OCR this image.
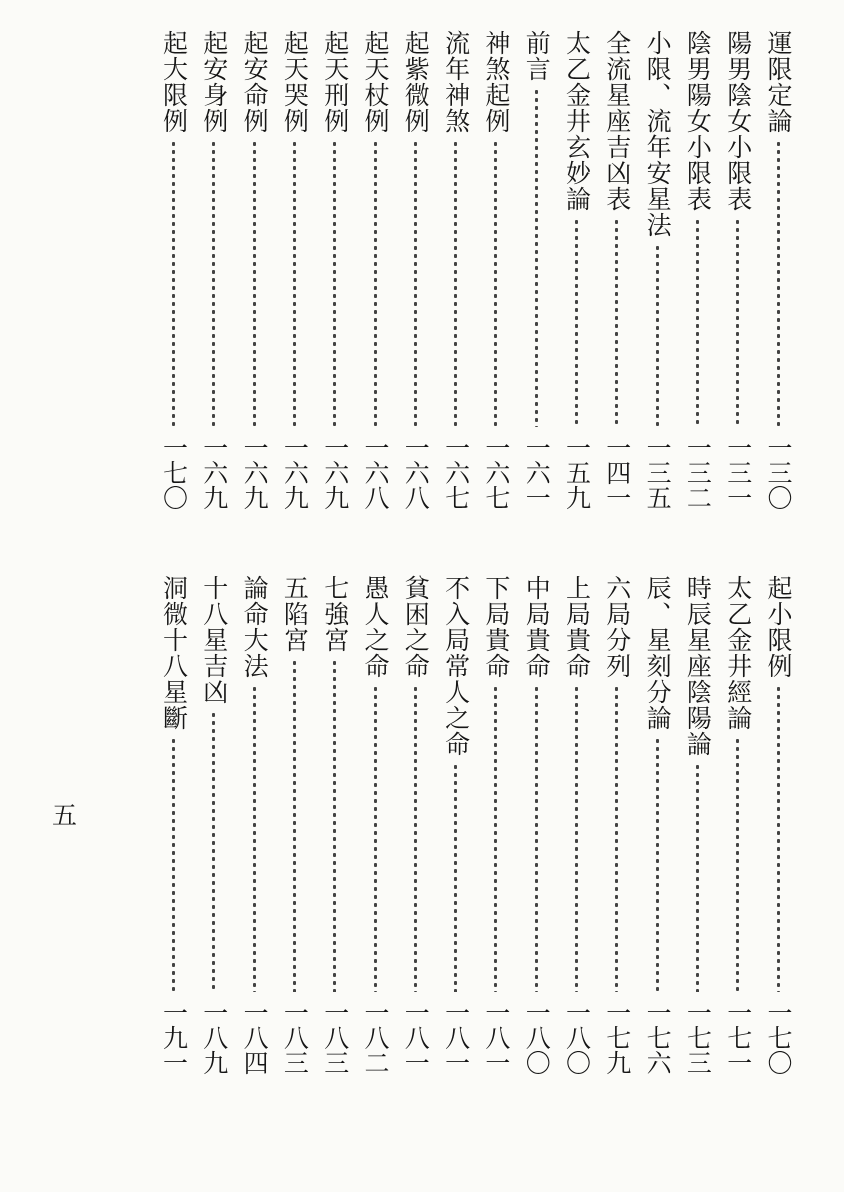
運限定論
一三〇
陽男陰女小限表
一三一
陰男陽女小限表
一三二
小限、流年安星法
一三五
全流星座吉凶表
一四一
太乙金井玄妙論
一五九
前言
一六一
神煞起例
一六七
流年神煞
一六七
起紫微例
一六八
起天杖例
一六八
起天刑例
一六九
起天哭例
一六九
起安命例
一六九
起安身例
一六九
起大限例
一七〇
起小限例
一七〇
太乙金井經論
一七一
時辰星座陰陽論
一七三
辰、星刻分論
一七六
六局分列
一七九
上局貴命
一八〇
中局貴命
一八〇
下局貴命
一八一
不入局常人之命
一八一
貧困之命
一八一
愚人之命
一八二
七強宮
一八三
五陷宮
一八三
論命大法
一八四
十八星吉凶
一八九
洞微十八星斷
一九一
五
